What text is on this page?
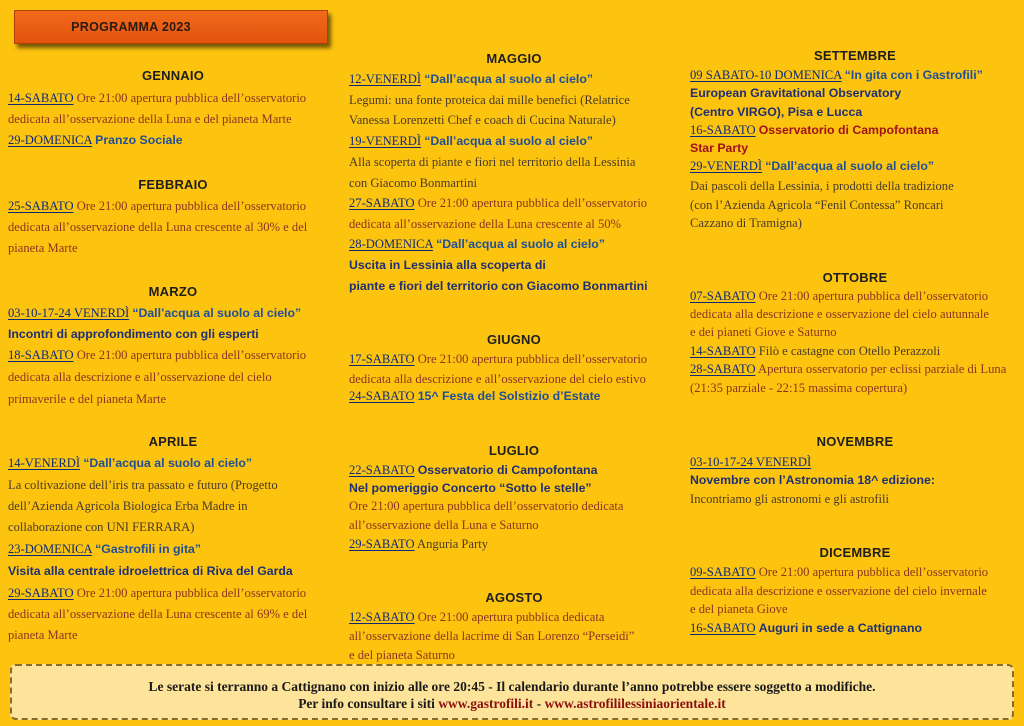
PROGRAMMA 2023
GENNAIO
14-SABATO Ore 21:00 apertura pubblica dell’osservatorio
dedicata all’osservazione della Luna e del pianeta Marte
29-DOMENICA Pranzo Sociale
FEBBRAIO
25-SABATO Ore 21:00 apertura pubblica dell’osservatorio
dedicata all’osservazione della Luna crescente al 30% e del
pianeta Marte
MARZO
03-10-17-24 VENERDÌ “Dall’acqua al suolo al cielo”
Incontri di approfondimento con gli esperti
18-SABATO Ore 21:00 apertura pubblica dell’osservatorio
dedicata alla descrizione e all’osservazione del cielo
primaverile e del pianeta Marte
APRILE
14-VENERDÌ “Dall’acqua al suolo al cielo”
La coltivazione dell’iris tra passato e futuro (Progetto
dell’Azienda Agricola Biologica Erba Madre in
collaborazione con UNI FERRARA)
23-DOMENICA “Gastrofili in gita”
Visita alla centrale idroelettrica di Riva del Garda
29-SABATO Ore 21:00 apertura pubblica dell’osservatorio
dedicata all’osservazione della Luna crescente al 69% e del
pianeta Marte
MAGGIO
12-VENERDÌ “Dall’acqua al suolo al cielo”
Legumi: una fonte proteica dai mille benefici (Relatrice
Vanessa Lorenzetti Chef e coach di Cucina Naturale)
19-VENERDÌ “Dall’acqua al suolo al cielo”
Alla scoperta di piante e fiori nel territorio della Lessinia
con Giacomo Bonmartini
27-SABATO Ore 21:00 apertura pubblica dell’osservatorio
dedicata all’osservazione della Luna crescente al 50%
28-DOMENICA “Dall’acqua al suolo al cielo”
Uscita in Lessinia alla scoperta di
piante e fiori del territorio con Giacomo Bonmartini
GIUGNO
17-SABATO Ore 21:00 apertura pubblica dell’osservatorio
dedicata alla descrizione e all’osservazione del cielo estivo
24-SABATO 15^ Festa del Solstizio d’Estate
LUGLIO
22-SABATO Osservatorio di Campofontana
Nel pomeriggio Concerto “Sotto le stelle”
Ore 21:00 apertura pubblica dell’osservatorio dedicata
all’osservazione della Luna e Saturno
29-SABATO Anguria Party
AGOSTO
12-SABATO Ore 21:00 apertura pubblica dedicata
all’osservazione della lacrime di San Lorenzo “Perseidi”
e del pianeta Saturno
SETTEMBRE
09 SABATO-10 DOMENICA “In gita con i Gastrofili”
European Gravitational Observatory
(Centro VIRGO), Pisa e Lucca
16-SABATO Osservatorio di Campofontana
Star Party
29-VENERDÌ “Dall’acqua al suolo al cielo”
Dai pascoli della Lessinia, i prodotti della tradizione
(con l’Azienda Agricola “Fenil Contessa” Roncari
Cazzano di Tramigna)
OTTOBRE
07-SABATO Ore 21:00 apertura pubblica dell’osservatorio
dedicata alla descrizione e osservazione del cielo autunnale
e dei pianeti Giove e Saturno
14-SABATO Filò e castagne con Otello Perazzoli
28-SABATO Apertura osservatorio per eclissi parziale di Luna
(21:35 parziale - 22:15 massima copertura)
NOVEMBRE
03-10-17-24 VENERDÌ
Novembre con l’Astronomia 18^ edizione:
Incontriamo gli astronomi e gli astrofili
DICEMBRE
09-SABATO Ore 21:00 apertura pubblica dell’osservatorio
dedicata alla descrizione e osservazione del cielo invernale
e del pianeta Giove
16-SABATO Auguri in sede a Cattignano
Le serate si terranno a Cattignano con inizio alle ore 20:45 - Il calendario durante l’anno potrebbe essere soggetto a modifiche.
Per info consultare i siti www.gastrofili.it - www.astrofililessiniaorientale.it
